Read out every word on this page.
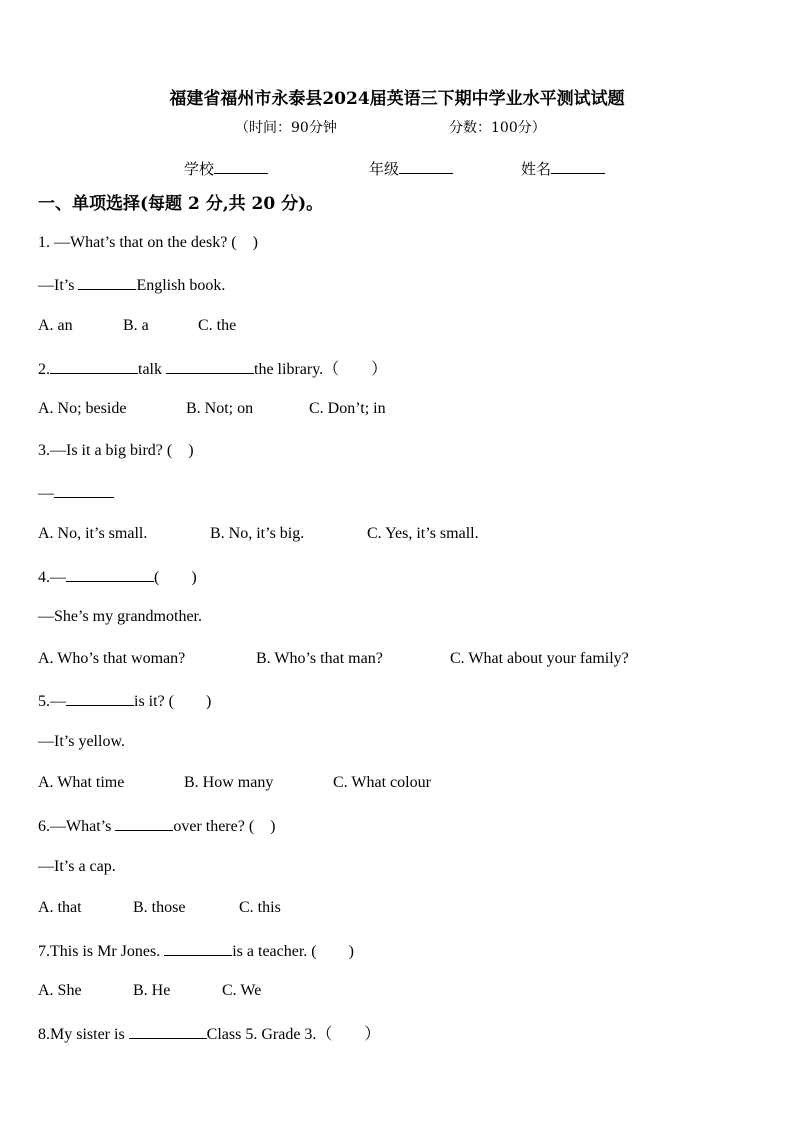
福建省福州市永泰县2024届英语三下期中学业水平测试试题
（时间：90分钟	分数：100分）
学校	年级	姓名
一、单项选择(每题 2 分,共 20 分)。
1. —What’s that on the desk? (　)
—It’s	English book.
A. an	B. a	C. the
2.	talk	the library.（　　）
A. No; beside	B. Not; on	C. Don’t; in
3.—Is it a big bird? (　)
—
A. No, it’s small.	B. No, it’s big.	C. Yes, it’s small.
4.—	(　　)
—She’s my grandmother.
A. Who’s that woman?	B. Who’s that man?	C. What about your family?
5.—	is it? (　　)
—It’s yellow.
A. What time	B. How many	C. What colour
6.—What’s	over there? (　)
—It’s a cap.
A. that	B. those	C. this
7.This is Mr Jones.	is a teacher. (　　)
A. She	B. He	C. We
8.My sister is	Class 5. Grade 3.（　　）
